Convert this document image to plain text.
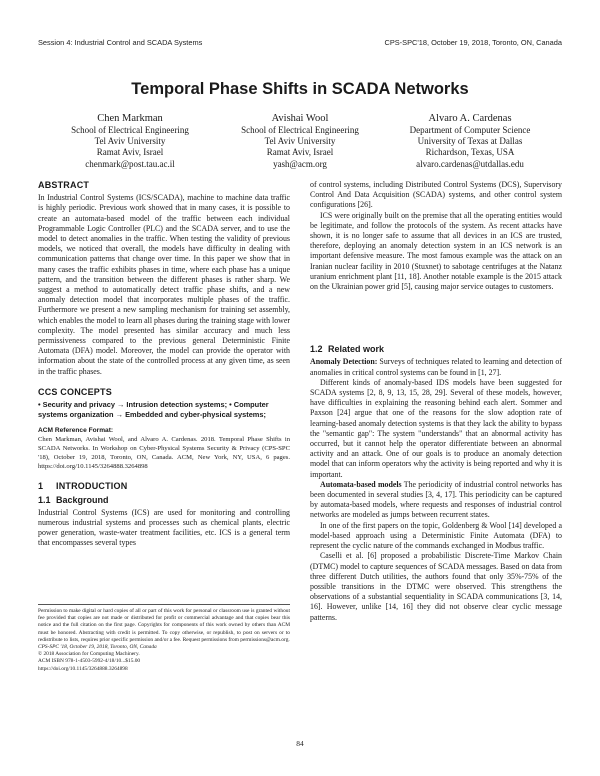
Session 4: Industrial Control and SCADA Systems	CPS-SPC'18, October 19, 2018, Toronto, ON, Canada
Temporal Phase Shifts in SCADA Networks
Chen Markman
School of Electrical Engineering
Tel Aviv University
Ramat Aviv, Israel
chenmark@post.tau.ac.il
Avishai Wool
School of Electrical Engineering
Tel Aviv University
Ramat Aviv, Israel
yash@acm.org
Alvaro A. Cardenas
Department of Computer Science
University of Texas at Dallas
Richardson, Texas, USA
alvaro.cardenas@utdallas.edu
ABSTRACT

In Industrial Control Systems (ICS/SCADA), machine to machine data traffic is highly periodic. Previous work showed that in many cases, it is possible to create an automata-based model of the traffic between each individual Programmable Logic Controller (PLC) and the SCADA server, and to use the model to detect anomalies in the traffic. When testing the validity of previous models, we noticed that overall, the models have difficulty in dealing with communication patterns that change over time. In this paper we show that in many cases the traffic exhibits phases in time, where each phase has a unique pattern, and the transition between the different phases is rather sharp. We suggest a method to automatically detect traffic phase shifts, and a new anomaly detection model that incorporates multiple phases of the traffic. Furthermore we present a new sampling mechanism for training set assembly, which enables the model to learn all phases during the training stage with lower complexity. The model presented has similar accuracy and much less permissiveness compared to the previous general Deterministic Finite Automata (DFA) model. Moreover, the model can provide the operator with information about the state of the controlled process at any given time, as seen in the traffic phases.

CCS CONCEPTS
• Security and privacy → Intrusion detection systems; • Computer systems organization → Embedded and cyber-physical systems;
ACM Reference Format:

Chen Markman, Avishai Wool, and Alvaro A. Cardenas. 2018. Temporal Phase Shifts in SCADA Networks. In Workshop on Cyber-Physical Systems Security & Privacy (CPS-SPC '18), October 19, 2018, Toronto, ON, Canada. ACM, New York, NY, USA, 6 pages. https://doi.org/10.1145/3264888.3264898

1 INTRODUCTION
1.1 Background

Industrial Control Systems (ICS) are used for monitoring and controlling numerous industrial systems and processes such as chemical plants, electric power generation, waste-water treatment facilities, etc. ICS is a general term that encompasses several types

Permission to make digital or hard copies of all or part of this work for personal or classroom use is granted without fee provided that copies are not made or distributed for profit or commercial advantage and that copies bear this notice and the full citation on the first page. Copyrights for components of this work owned by others than ACM must be honored. Abstracting with credit is permitted. To copy otherwise, or republish, to post on servers or to redistribute to lists, requires prior specific permission and/or a fee. Request permissions from permissions@acm.org.
CPS-SPC '18, October 19, 2018, Toronto, ON, Canada
© 2018 Association for Computing Machinery.
ACM ISBN 978-1-4503-5992-4/18/10...$15.00
https://doi.org/10.1145/3264888.3264898

of control systems, including Distributed Control Systems (DCS), Supervisory Control And Data Acquisition (SCADA) systems, and other control system configurations [26].

ICS were originally built on the premise that all the operating entities would be legitimate, and follow the protocols of the system. As recent attacks have shown, it is no longer safe to assume that all devices in an ICS are trusted, therefore, deploying an anomaly detection system in an ICS network is an important defensive measure. The most famous example was the attack on an Iranian nuclear facility in 2010 (Stuxnet) to sabotage centrifuges at the Natanz uranium enrichment plant [11, 18]. Another notable example is the 2015 attack on the Ukrainian power grid [5], causing major service outages to customers.

1.2 Related work

Anomaly Detection: Surveys of techniques related to learning and detection of anomalies in critical control systems can be found in [1, 27].

Different kinds of anomaly-based IDS models have been suggested for SCADA systems [2, 8, 9, 13, 15, 28, 29]. Several of these models, however, have difficulties in explaining the reasoning behind each alert. Sommer and Paxson [24] argue that one of the reasons for the slow adoption rate of learning-based anomaly detection systems is that they lack the ability to bypass the "semantic gap": The system "understands" that an abnormal activity has occurred, but it cannot help the operator differentiate between an abnormal activity and an attack. One of our goals is to produce an anomaly detection model that can inform operators why the activity is being reported and why it is important.

Automata-based models The periodicity of industrial control networks has been documented in several studies [3, 4, 17]. This periodicity can be captured by automata-based models, where requests and responses of industrial control networks are modeled as jumps between recurrent states.

In one of the first papers on the topic, Goldenberg & Wool [14] developed a model-based approach using a Deterministic Finite Automata (DFA) to represent the cyclic nature of the commands exchanged in Modbus traffic.

Caselli et al. [6] proposed a probabilistic Discrete-Time Markov Chain (DTMC) model to capture sequences of SCADA messages. Based on data from three different Dutch utilities, the authors found that only 35%-75% of the possible transitions in the DTMC were observed. This strengthens the observations of a substantial sequentiality in SCADA communications [3, 14, 16]. However, unlike [14, 16] they did not observe clear cyclic message patterns.

84
